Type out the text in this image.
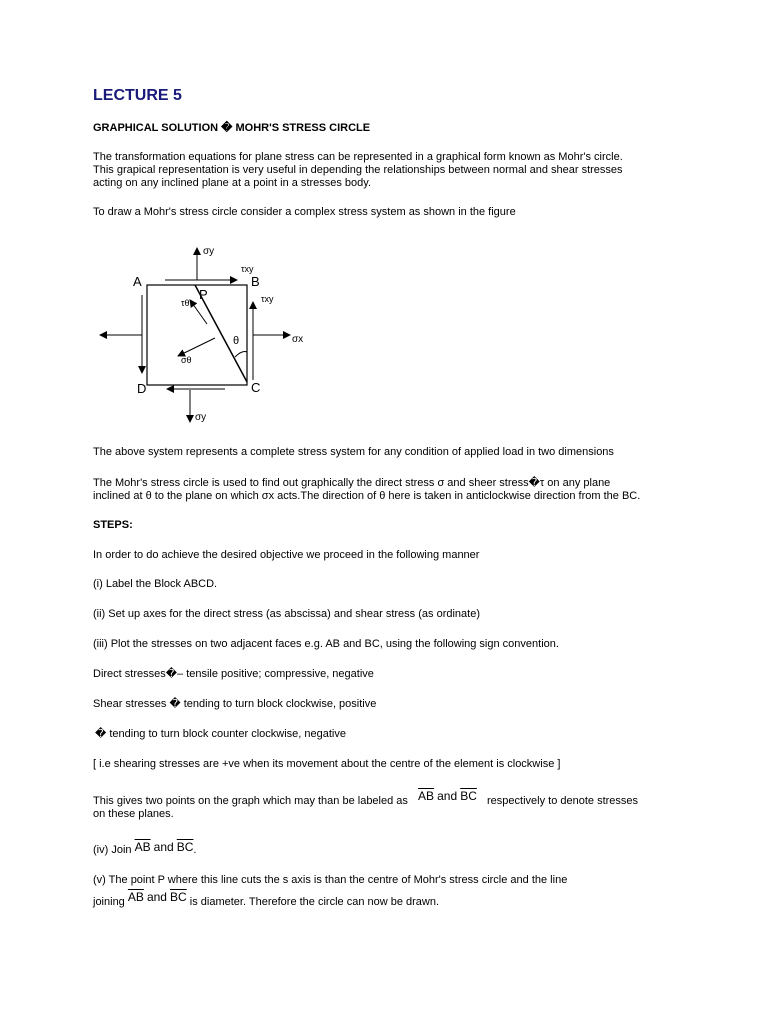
LECTURE 5
GRAPHICAL SOLUTION � MOHR'S STRESS CIRCLE
The transformation equations for plane stress can be represented in a graphical form known as Mohr's circle.
This grapical representation is very useful in depending the relationships between normal and shear stresses
acting on any inclined plane at a point in a stresses body.
To draw a Mohr's stress circle consider a complex stress system as shown in the figure
A	B
C
D
P
σy
τxy
τxy
σx
τθ
σθ
θ
σy
The above system represents a complete stress system for any condition of applied load in two dimensions
The Mohr's stress circle is used to find out graphically the direct stress σ and sheer stress�τ on any plane
inclined at θ to the plane on which σx acts.The direction of θ here is taken in anticlockwise direction from the BC.
STEPS:
In order to do achieve the desired objective we proceed in the following manner
(i) Label the Block ABCD.
(ii) Set up axes for the direct stress (as abscissa) and shear stress (as ordinate)
(iii) Plot the stresses on two adjacent faces e.g. AB and BC, using the following sign convention.
Direct stresses�– tensile positive; compressive, negative
Shear stresses � tending to turn block clockwise, positive
� tending to turn block counter clockwise, negative
[ i.e shearing stresses are +ve when its movement about the centre of the element is clockwise ]
This gives two points on the graph which may than be labeled as $\overline{AB}$ and $\overline{BC}$ respectively to denote stresses
on these planes.
(iv) Join $\overline{AB}$ and $\overline{BC}$.
(v) The point P where this line cuts the s axis is than the centre of Mohr's stress circle and the line
joining $\overline{AB}$ and $\overline{BC}$ is diameter. Therefore the circle can now be drawn.
